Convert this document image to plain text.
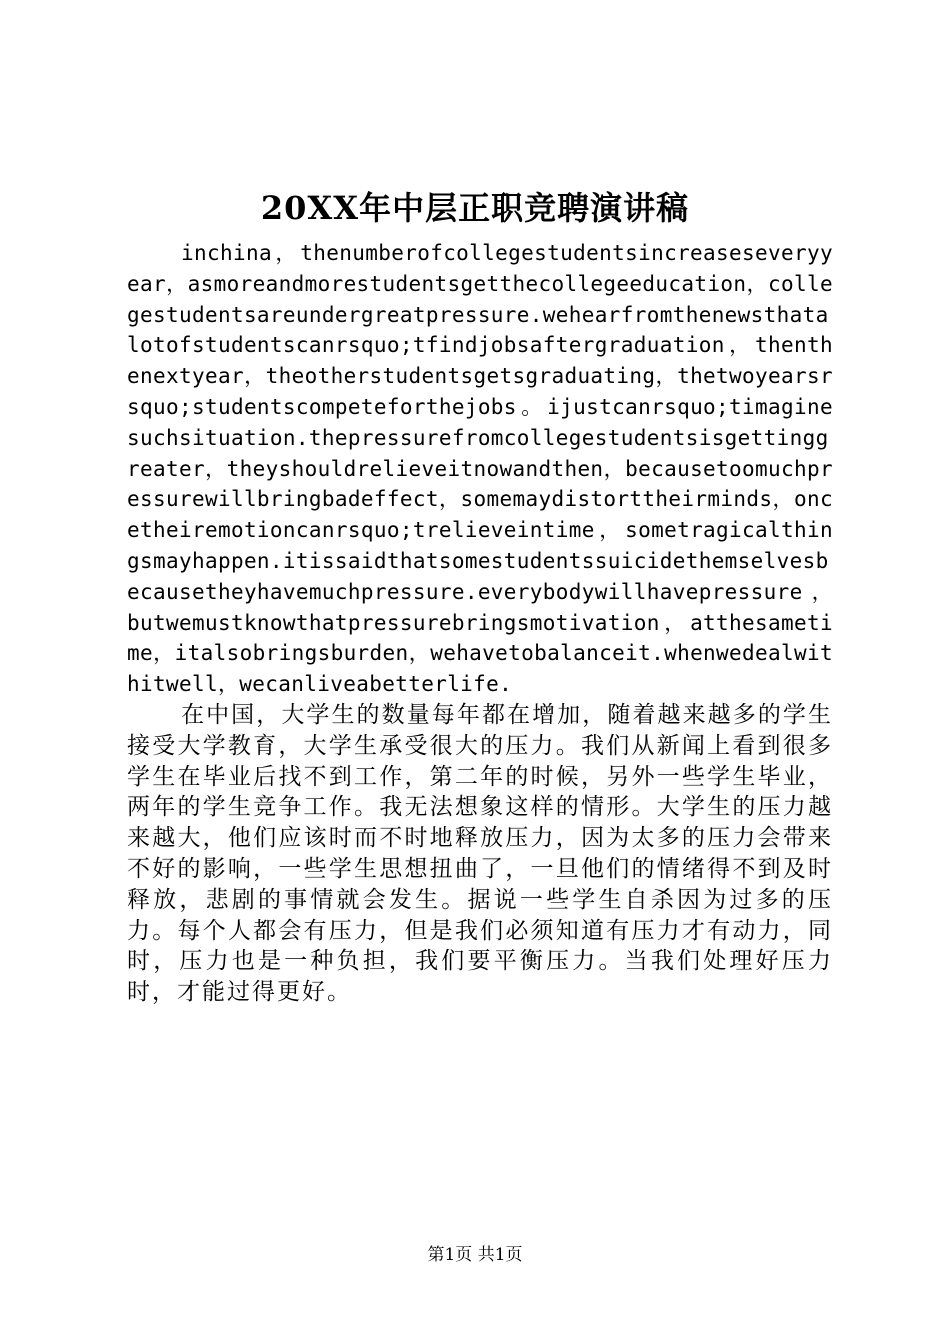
20XX年中层正职竞聘演讲稿

inchina，thenumberofcollegestudentsincreaseseveryyear，asmoreandmorestudentsgetthecollegeeducation，collegestudentsareundergreatpressure.wehearfromthenewsthatalotofstudentscanrsquo;tfindjobsaftergraduation，thenthenextyear，theotherstudentsgetsgraduating，thetwoyearsrsquo;studentscompeteforthejobs。ijustcanrsquo;timaginesuchsituation.thepressurefromcollegestudentsisgettinggreater，theyshouldrelieveitnowandthen，becausetoomuchpressurewillbringbadeffect，somemaydistorttheirminds，oncetheiremotioncanrsquo;trelieveintime，sometragicalthingsmayhappen.itissaidthatsomestudentssuicidethemselvesbecausetheyhavemuchpressure.everybodywillhavepressure，butwemustknowthatpressurebringsmotivation，atthesametime，italsobringsburden，wehavetobalanceit.whenwedealwithitwell，wecanliveabetterlife.

在中国，大学生的数量每年都在增加，随着越来越多的学生接受大学教育，大学生承受很大的压力。我们从新闻上看到很多学生在毕业后找不到工作，第二年的时候，另外一些学生毕业，两年的学生竞争工作。我无法想象这样的情形。大学生的压力越来越大，他们应该时而不时地释放压力，因为太多的压力会带来不好的影响，一些学生思想扭曲了，一旦他们的情绪得不到及时释放，悲剧的事情就会发生。据说一些学生自杀因为过多的压力。每个人都会有压力，但是我们必须知道有压力才有动力，同时，压力也是一种负担，我们要平衡压力。当我们处理好压力时，才能过得更好。

第1页 共1页
